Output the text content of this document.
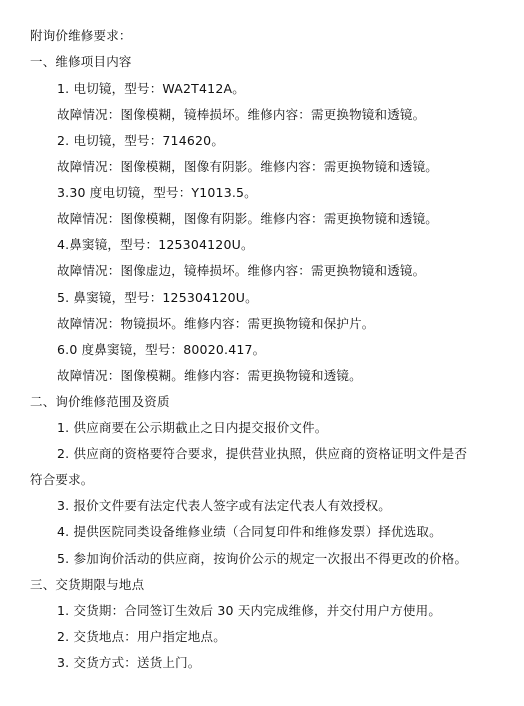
附询价维修要求：
一、维修项目内容
1. 电切镜，型号：WA2T412A。
故障情况：图像模糊，镜棒损坏。维修内容：需更换物镜和透镜。
2. 电切镜，型号：714620。
故障情况：图像模糊，图像有阴影。维修内容：需更换物镜和透镜。
3.30 度电切镜，型号：Y1013.5。
故障情况：图像模糊，图像有阴影。维修内容：需更换物镜和透镜。
4.鼻窦镜，型号：125304120U。
故障情况：图像虚边，镜棒损坏。维修内容：需更换物镜和透镜。
5. 鼻窦镜，型号：125304120U。
故障情况：物镜损坏。维修内容：需更换物镜和保护片。
6.0 度鼻窦镜，型号：80020.417。
故障情况：图像模糊。维修内容：需更换物镜和透镜。
二、询价维修范围及资质
1. 供应商要在公示期截止之日内提交报价文件。
2. 供应商的资格要符合要求，提供营业执照，供应商的资格证明文件是否
符合要求。
3. 报价文件要有法定代表人签字或有法定代表人有效授权。
4. 提供医院同类设备维修业绩（合同复印件和维修发票）择优选取。
5. 参加询价活动的供应商，按询价公示的规定一次报出不得更改的价格。
三、交货期限与地点
1. 交货期：合同签订生效后 30 天内完成维修，并交付用户方使用。
2. 交货地点：用户指定地点。
3. 交货方式：送货上门。
